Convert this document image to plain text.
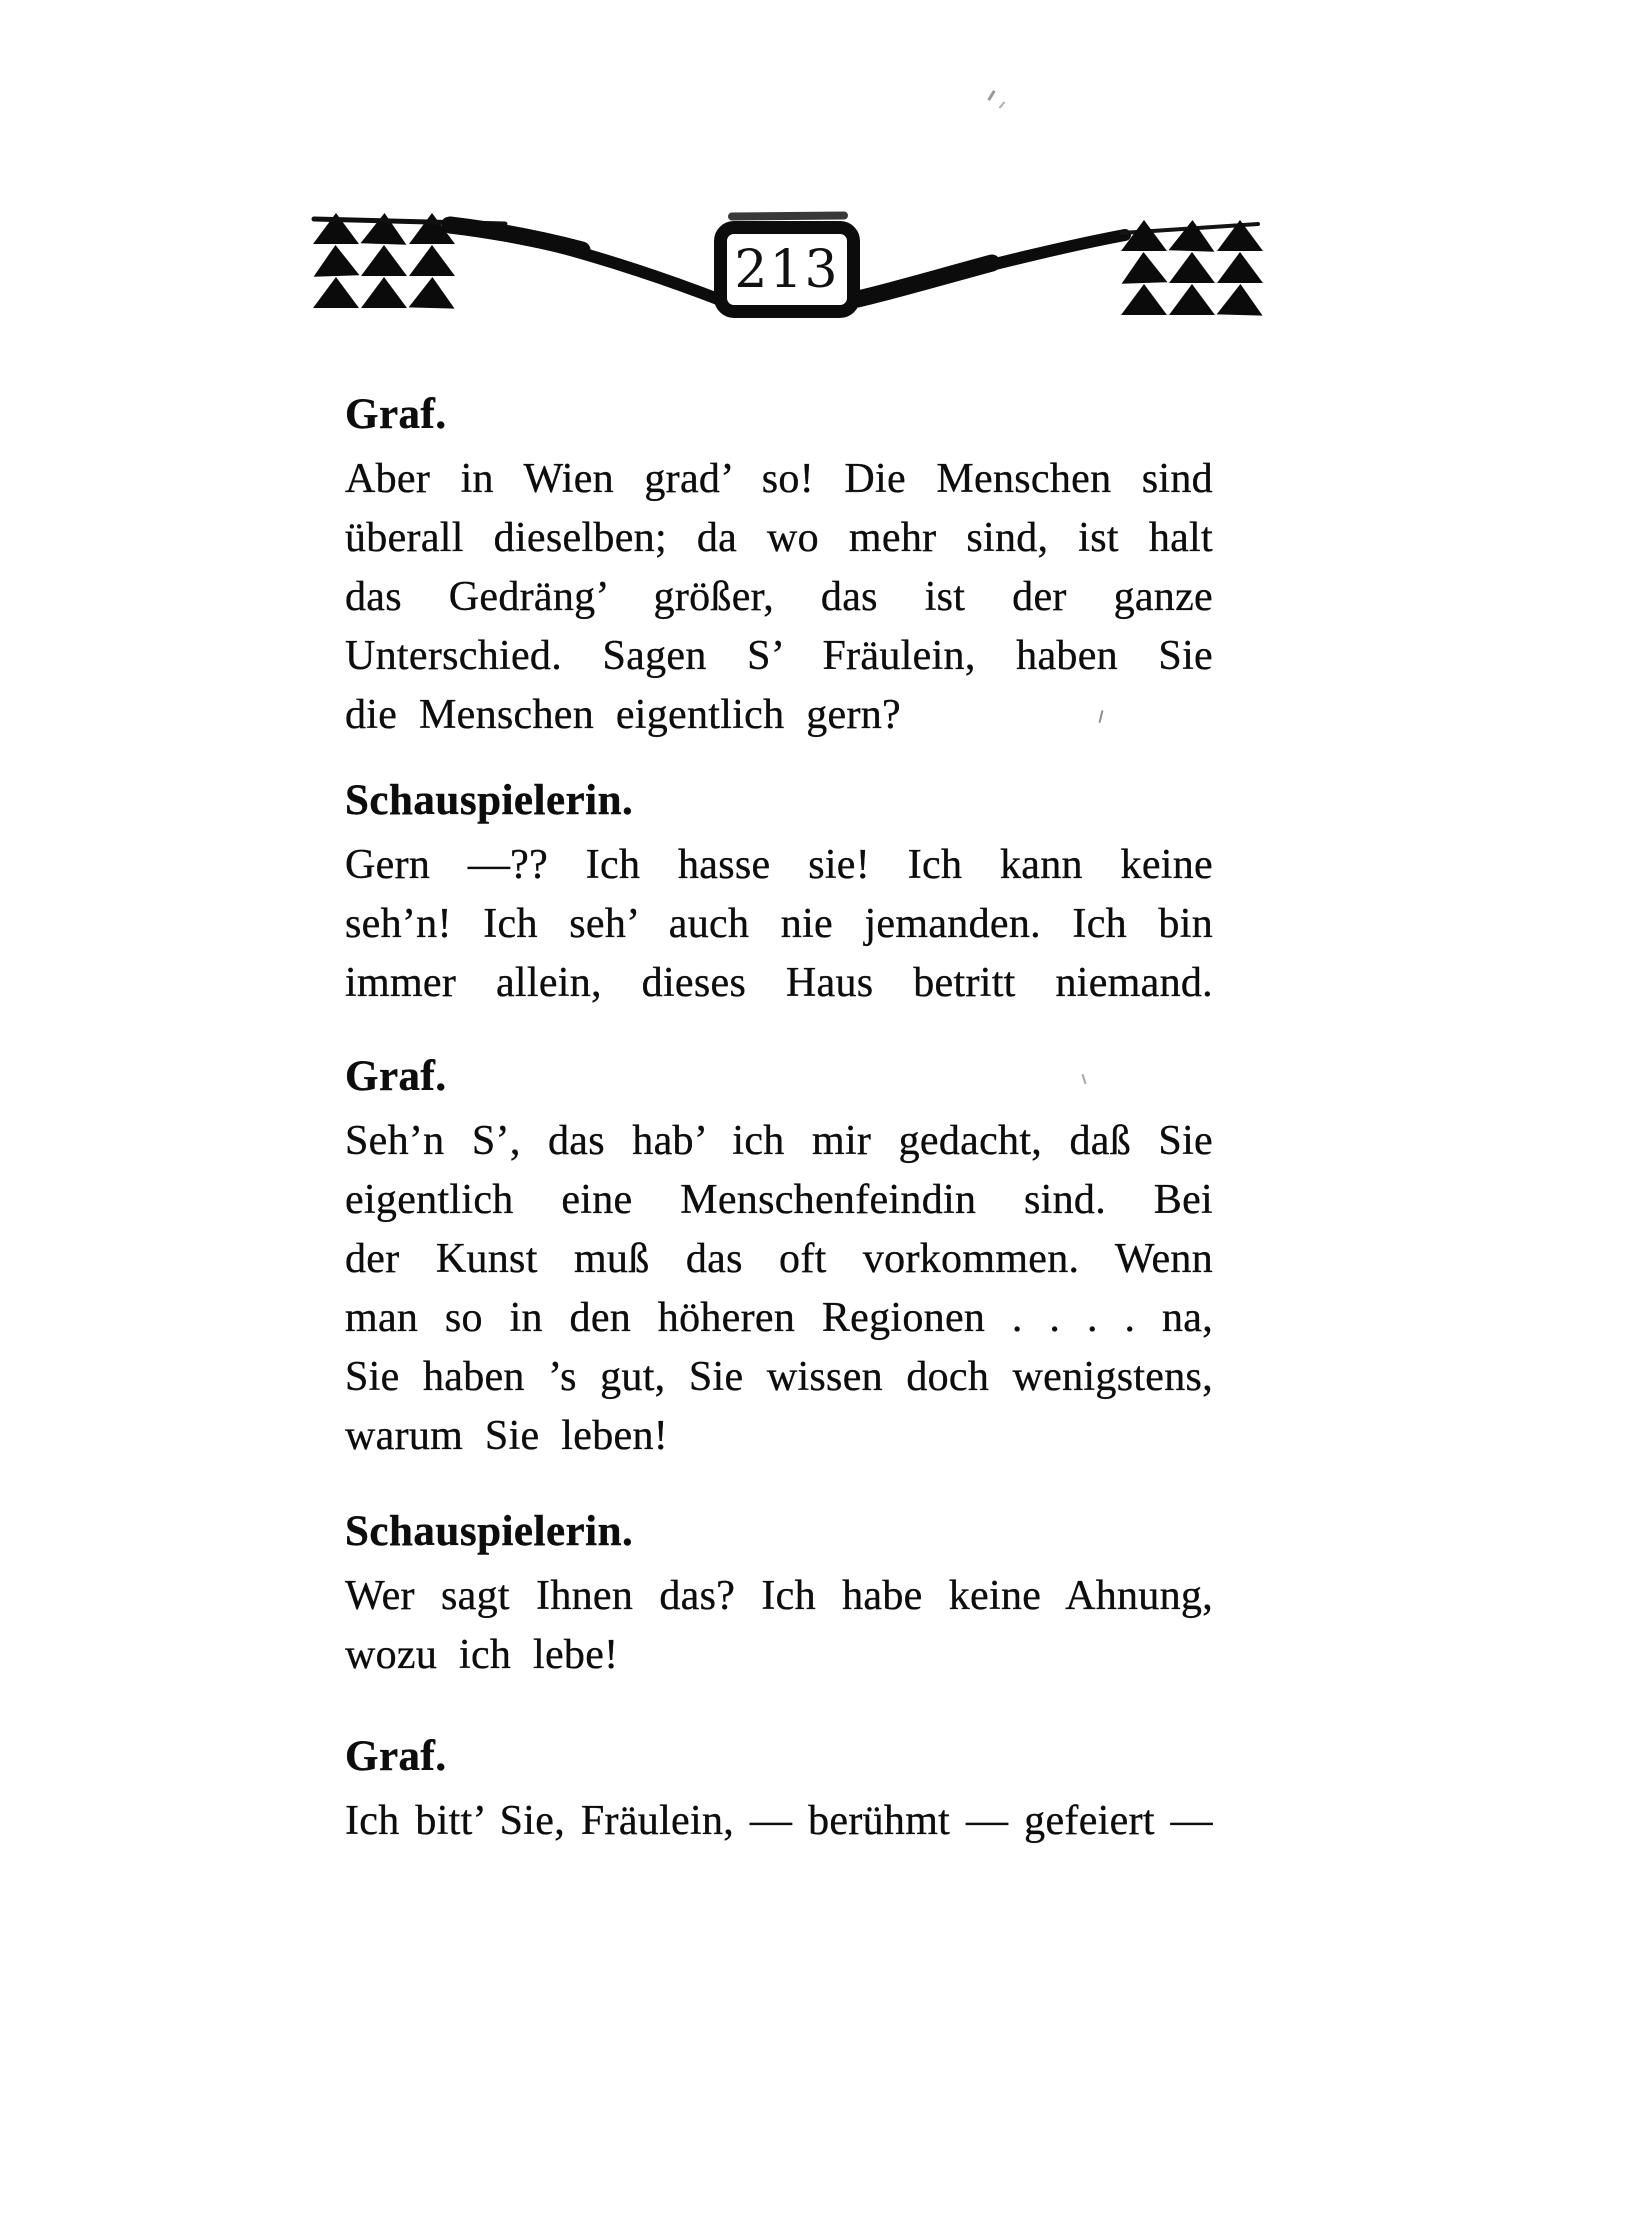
213
Graf.

Aber in Wien grad’ so! Die Menschen sind

überall dieselben; da wo mehr sind, ist halt

das Gedräng’ größer, das ist der ganze

Unterschied. Sagen S’ Fräulein, haben Sie

die Menschen eigentlich gern?

Schauspielerin.

Gern —?? Ich hasse sie! Ich kann keine

seh’n! Ich seh’ auch nie jemanden. Ich bin

immer allein, dieses Haus betritt niemand.

Graf.

Seh’n S’, das hab’ ich mir gedacht, daß Sie

eigentlich eine Menschenfeindin sind. Bei

der Kunst muß das oft vorkommen. Wenn

man so in den höheren Regionen . . . . na,

Sie haben ’s gut, Sie wissen doch wenigstens,

warum Sie leben!

Schauspielerin.

Wer sagt Ihnen das? Ich habe keine Ahnung,

wozu ich lebe!

Graf.

Ich bitt’ Sie, Fräulein, — berühmt — gefeiert —
